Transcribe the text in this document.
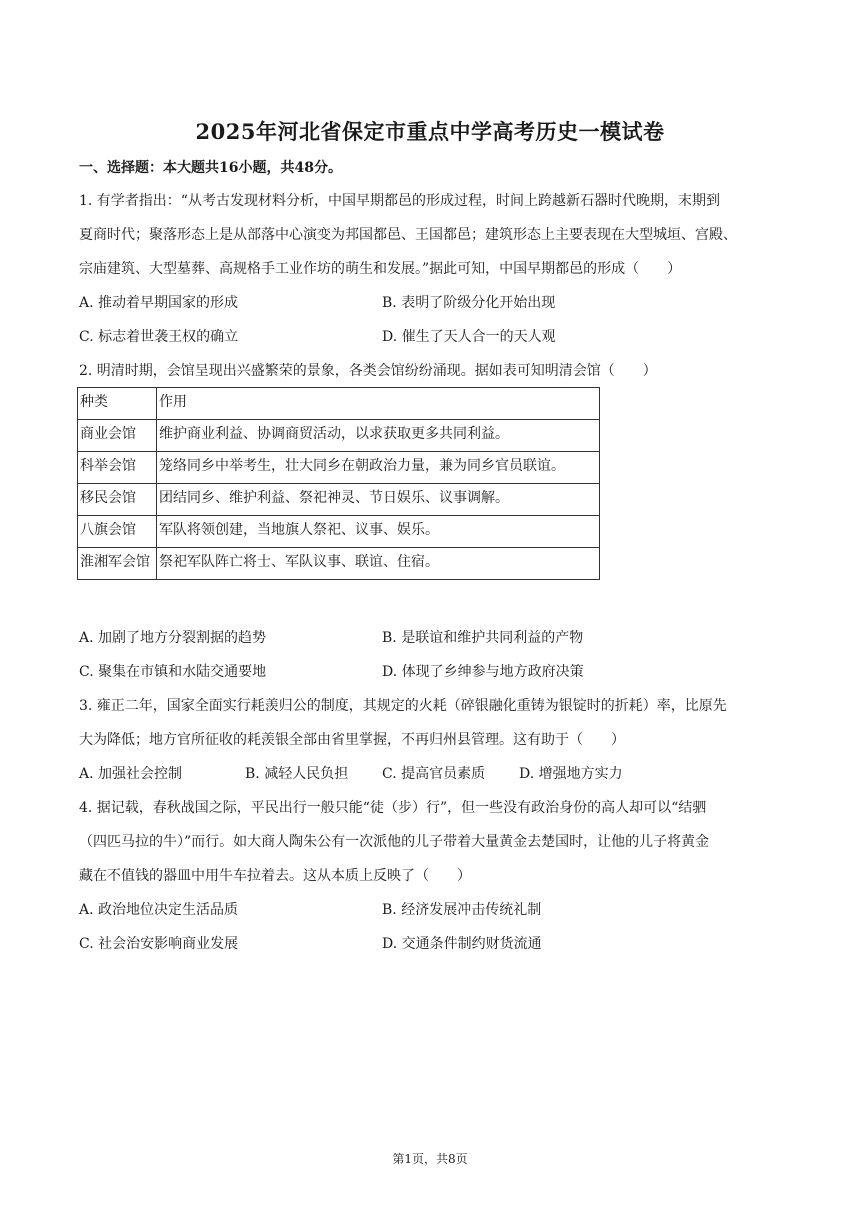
2025年河北省保定市重点中学高考历史一模试卷
一、选择题：本大题共16小题，共48分。
1. 有学者指出：“从考古发现材料分析，中国早期都邑的形成过程，时间上跨越新石器时代晚期，末期到
夏商时代；聚落形态上是从部落中心演变为邦国都邑、王国都邑；建筑形态上主要表现在大型城垣、宫殿、
宗庙建筑、大型墓葬、高规格手工业作坊的萌生和发展。”据此可知，中国早期都邑的形成（　　）
A. 推动着早期国家的形成	B. 表明了阶级分化开始出现
C. 标志着世袭王权的确立	D. 催生了天人合一的天人观
2. 明清时期，会馆呈现出兴盛繁荣的景象，各类会馆纷纷涌现。据如表可知明清会馆（　　）
种类	作用
商业会馆	维护商业利益、协调商贸活动，以求获取更多共同利益。
科举会馆	笼络同乡中举考生，壮大同乡在朝政治力量，兼为同乡官员联谊。
移民会馆	团结同乡、维护利益、祭祀神灵、节日娱乐、议事调解。
八旗会馆	军队将领创建，当地旗人祭祀、议事、娱乐。
淮湘军会馆	祭祀军队阵亡将士、军队议事、联谊、住宿。
A. 加剧了地方分裂割据的趋势	B. 是联谊和维护共同利益的产物
C. 聚集在市镇和水陆交通要地	D. 体现了乡绅参与地方政府决策
3. 雍正二年，国家全面实行耗羡归公的制度，其规定的火耗（碎银融化重铸为银锭时的折耗）率，比原先
大为降低；地方官所征收的耗羡银全部由省里掌握，不再归州县管理。这有助于（　　）
A. 加强社会控制	B. 减轻人民负担 C. 提高官员素质 D. 增强地方实力
4. 据记载，春秋战国之际，平民出行一般只能“徒（步）行”，但一些没有政治身份的高人却可以“结驷
（四匹马拉的牛）”而行。如大商人陶朱公有一次派他的儿子带着大量黄金去楚国时，让他的儿子将黄金
藏在不值钱的器皿中用牛车拉着去。这从本质上反映了（　　）
A. 政治地位决定生活品质	B. 经济发展冲击传统礼制
C. 社会治安影响商业发展	D. 交通条件制约财货流通
第1页，共8页
